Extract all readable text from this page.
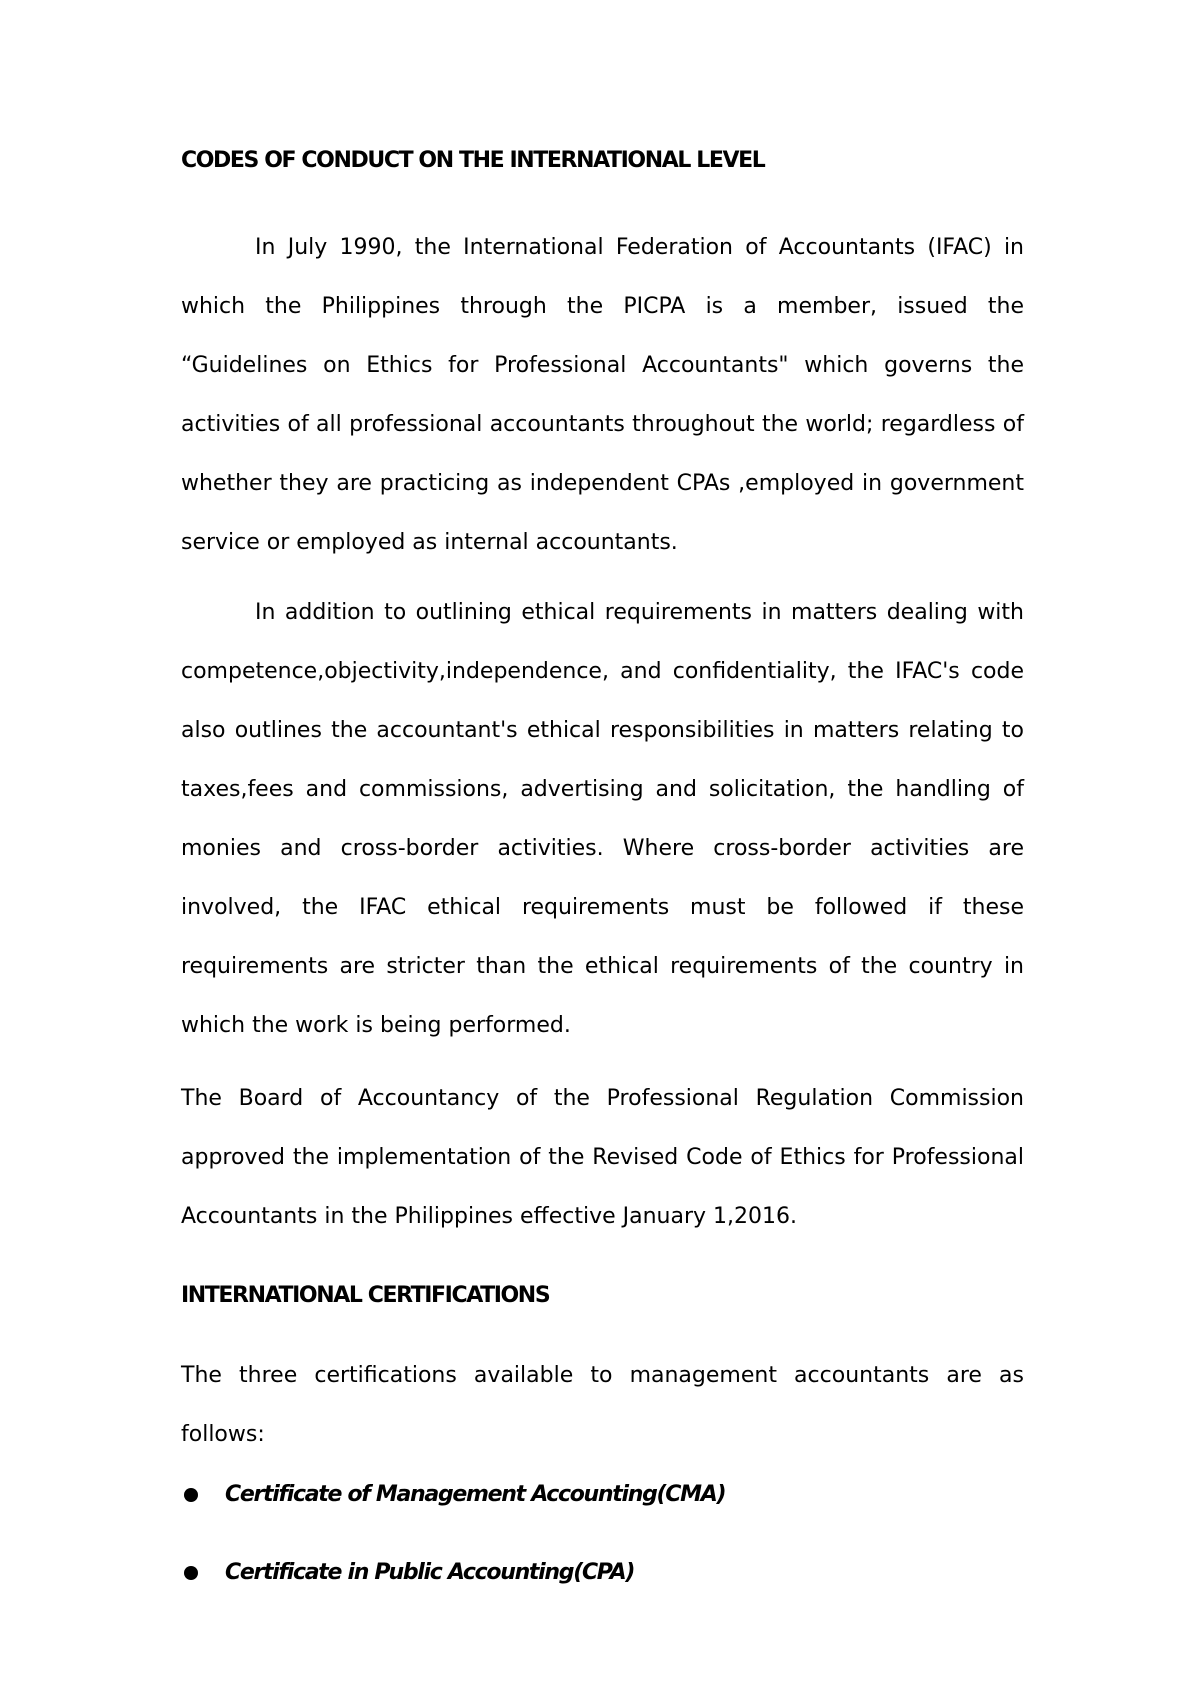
CODES OF CONDUCT ON THE INTERNATIONAL LEVEL

In July 1990, the International Federation of Accountants (IFAC) in which the Philippines through the PICPA is a member, issued the “Guidelines on Ethics for Professional Accountants" which governs the activities of all professional accountants throughout the world; regardless of whether they are practicing as independent CPAs ,employed in government service or employed as internal accountants.

In addition to outlining ethical requirements in matters dealing with competence,objectivity,independence, and confidentiality, the IFAC's code also outlines the accountant's ethical responsibilities in matters relating to taxes,fees and commissions, advertising and solicitation, the handling of monies and cross-border activities. Where cross-border activities are involved, the IFAC ethical requirements must be followed if these requirements are stricter than the ethical requirements of the country in which the work is being performed.

The Board of Accountancy of the Professional Regulation Commission approved the implementation of the Revised Code of Ethics for Professional Accountants in the Philippines effective January 1,2016.

INTERNATIONAL CERTIFICATIONS

The three certifications available to management accountants are as follows:

Certificate of Management Accounting(CMA)
Certificate in Public Accounting(CPA)
